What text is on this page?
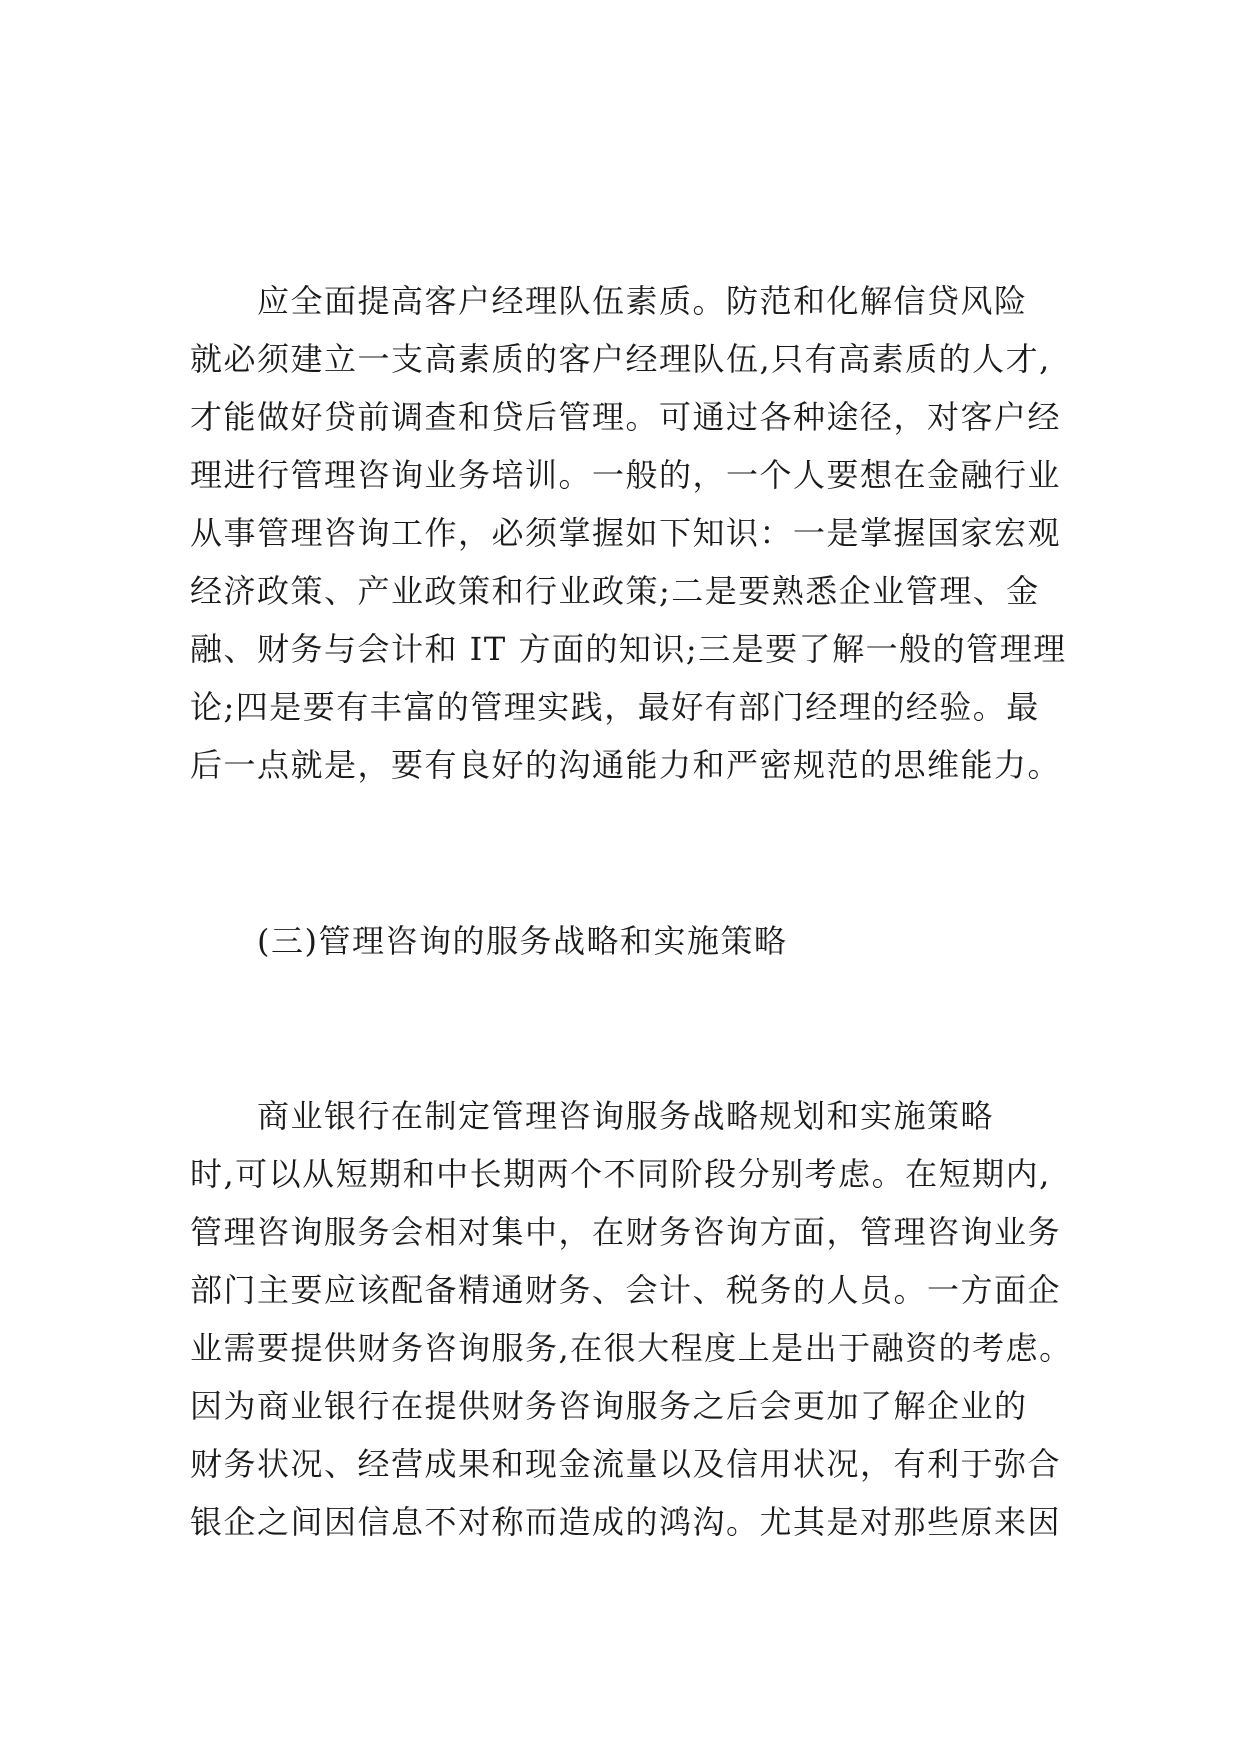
　　应全面提高客户经理队伍素质。防范和化解信贷风险
就必须建立一支高素质的客户经理队伍,只有高素质的人才,
才能做好贷前调查和贷后管理。可通过各种途径，对客户经
理进行管理咨询业务培训。一般的，一个人要想在金融行业
从事管理咨询工作，必须掌握如下知识：一是掌握国家宏观
经济政策、产业政策和行业政策;二是要熟悉企业管理、金
融、财务与会计和 IT 方面的知识;三是要了解一般的管理理
论;四是要有丰富的管理实践，最好有部门经理的经验。最
后一点就是，要有良好的沟通能力和严密规范的思维能力。
　　(三)管理咨询的服务战略和实施策略
　　商业银行在制定管理咨询服务战略规划和实施策略
时,可以从短期和中长期两个不同阶段分别考虑。在短期内,
管理咨询服务会相对集中，在财务咨询方面，管理咨询业务
部门主要应该配备精通财务、会计、税务的人员。一方面企
业需要提供财务咨询服务,在很大程度上是出于融资的考虑。
因为商业银行在提供财务咨询服务之后会更加了解企业的
财务状况、经营成果和现金流量以及信用状况，有利于弥合
银企之间因信息不对称而造成的鸿沟。尤其是对那些原来因
